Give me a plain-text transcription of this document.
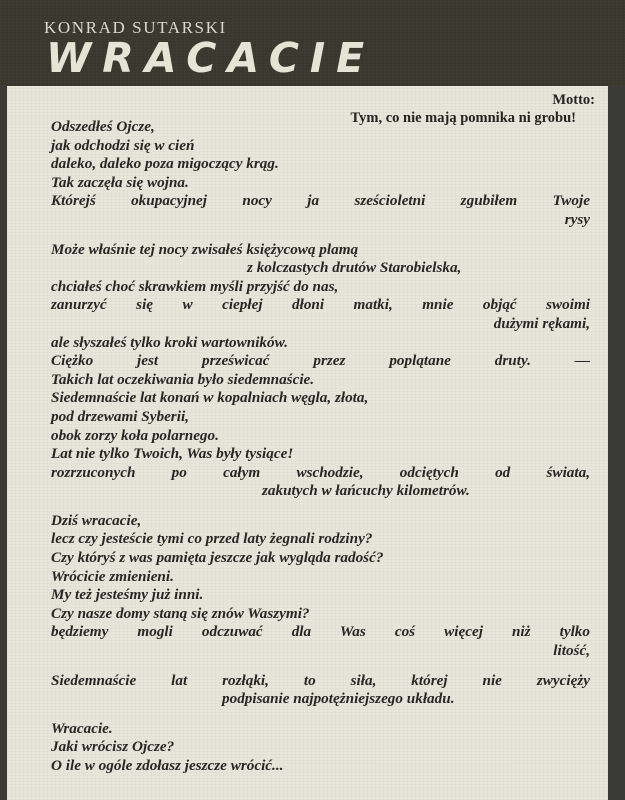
KONRAD SUTARSKI
WRACACIE
Motto:
Tym, co nie mają pomnika ni grobu!

Odszedłeś Ojcze,
jak odchodzi się w cień
daleko, daleko poza migoczący krąg.
Tak zaczęła się wojna.
Którejś okupacyjnej nocy ja sześcioletni zgubiłem Twoje
rysy

Może właśnie tej nocy zwisałeś księżycową plamą
z kolczastych drutów Starobielska,
chciałeś choć skrawkiem myśli przyjść do nas,
zanurzyć się w ciepłej dłoni matki, mnie objąć swoimi
dużymi rękami,
ale słyszałeś tylko kroki wartowników.
Ciężko jest prześwicać przez poplątane druty. —
Takich lat oczekiwania było siedemnaście.
Siedemnaście lat konań w kopalniach węgla, złota,
pod drzewami Syberii,
obok zorzy koła polarnego.
Lat nie tylko Twoich, Was były tysiące!
rozrzuconych po całym wschodzie, odciętych od świata,
zakutych w łańcuchy kilometrów.

Dziś wracacie,
lecz czy jesteście tymi co przed laty żegnali rodziny?
Czy któryś z was pamięta jeszcze jak wygląda radość?
Wrócicie zmienieni.
My też jesteśmy już inni.
Czy nasze domy staną się znów Waszymi?
będziemy mogli odczuwać dla Was coś więcej niż tylko
litość,

Siedemnaście lat rozłąki, to siła, której nie zwycięży
podpisanie najpotężniejszego układu.

Wracacie.
Jaki wrócisz Ojcze?
O ile w ogóle zdołasz jeszcze wrócić...
